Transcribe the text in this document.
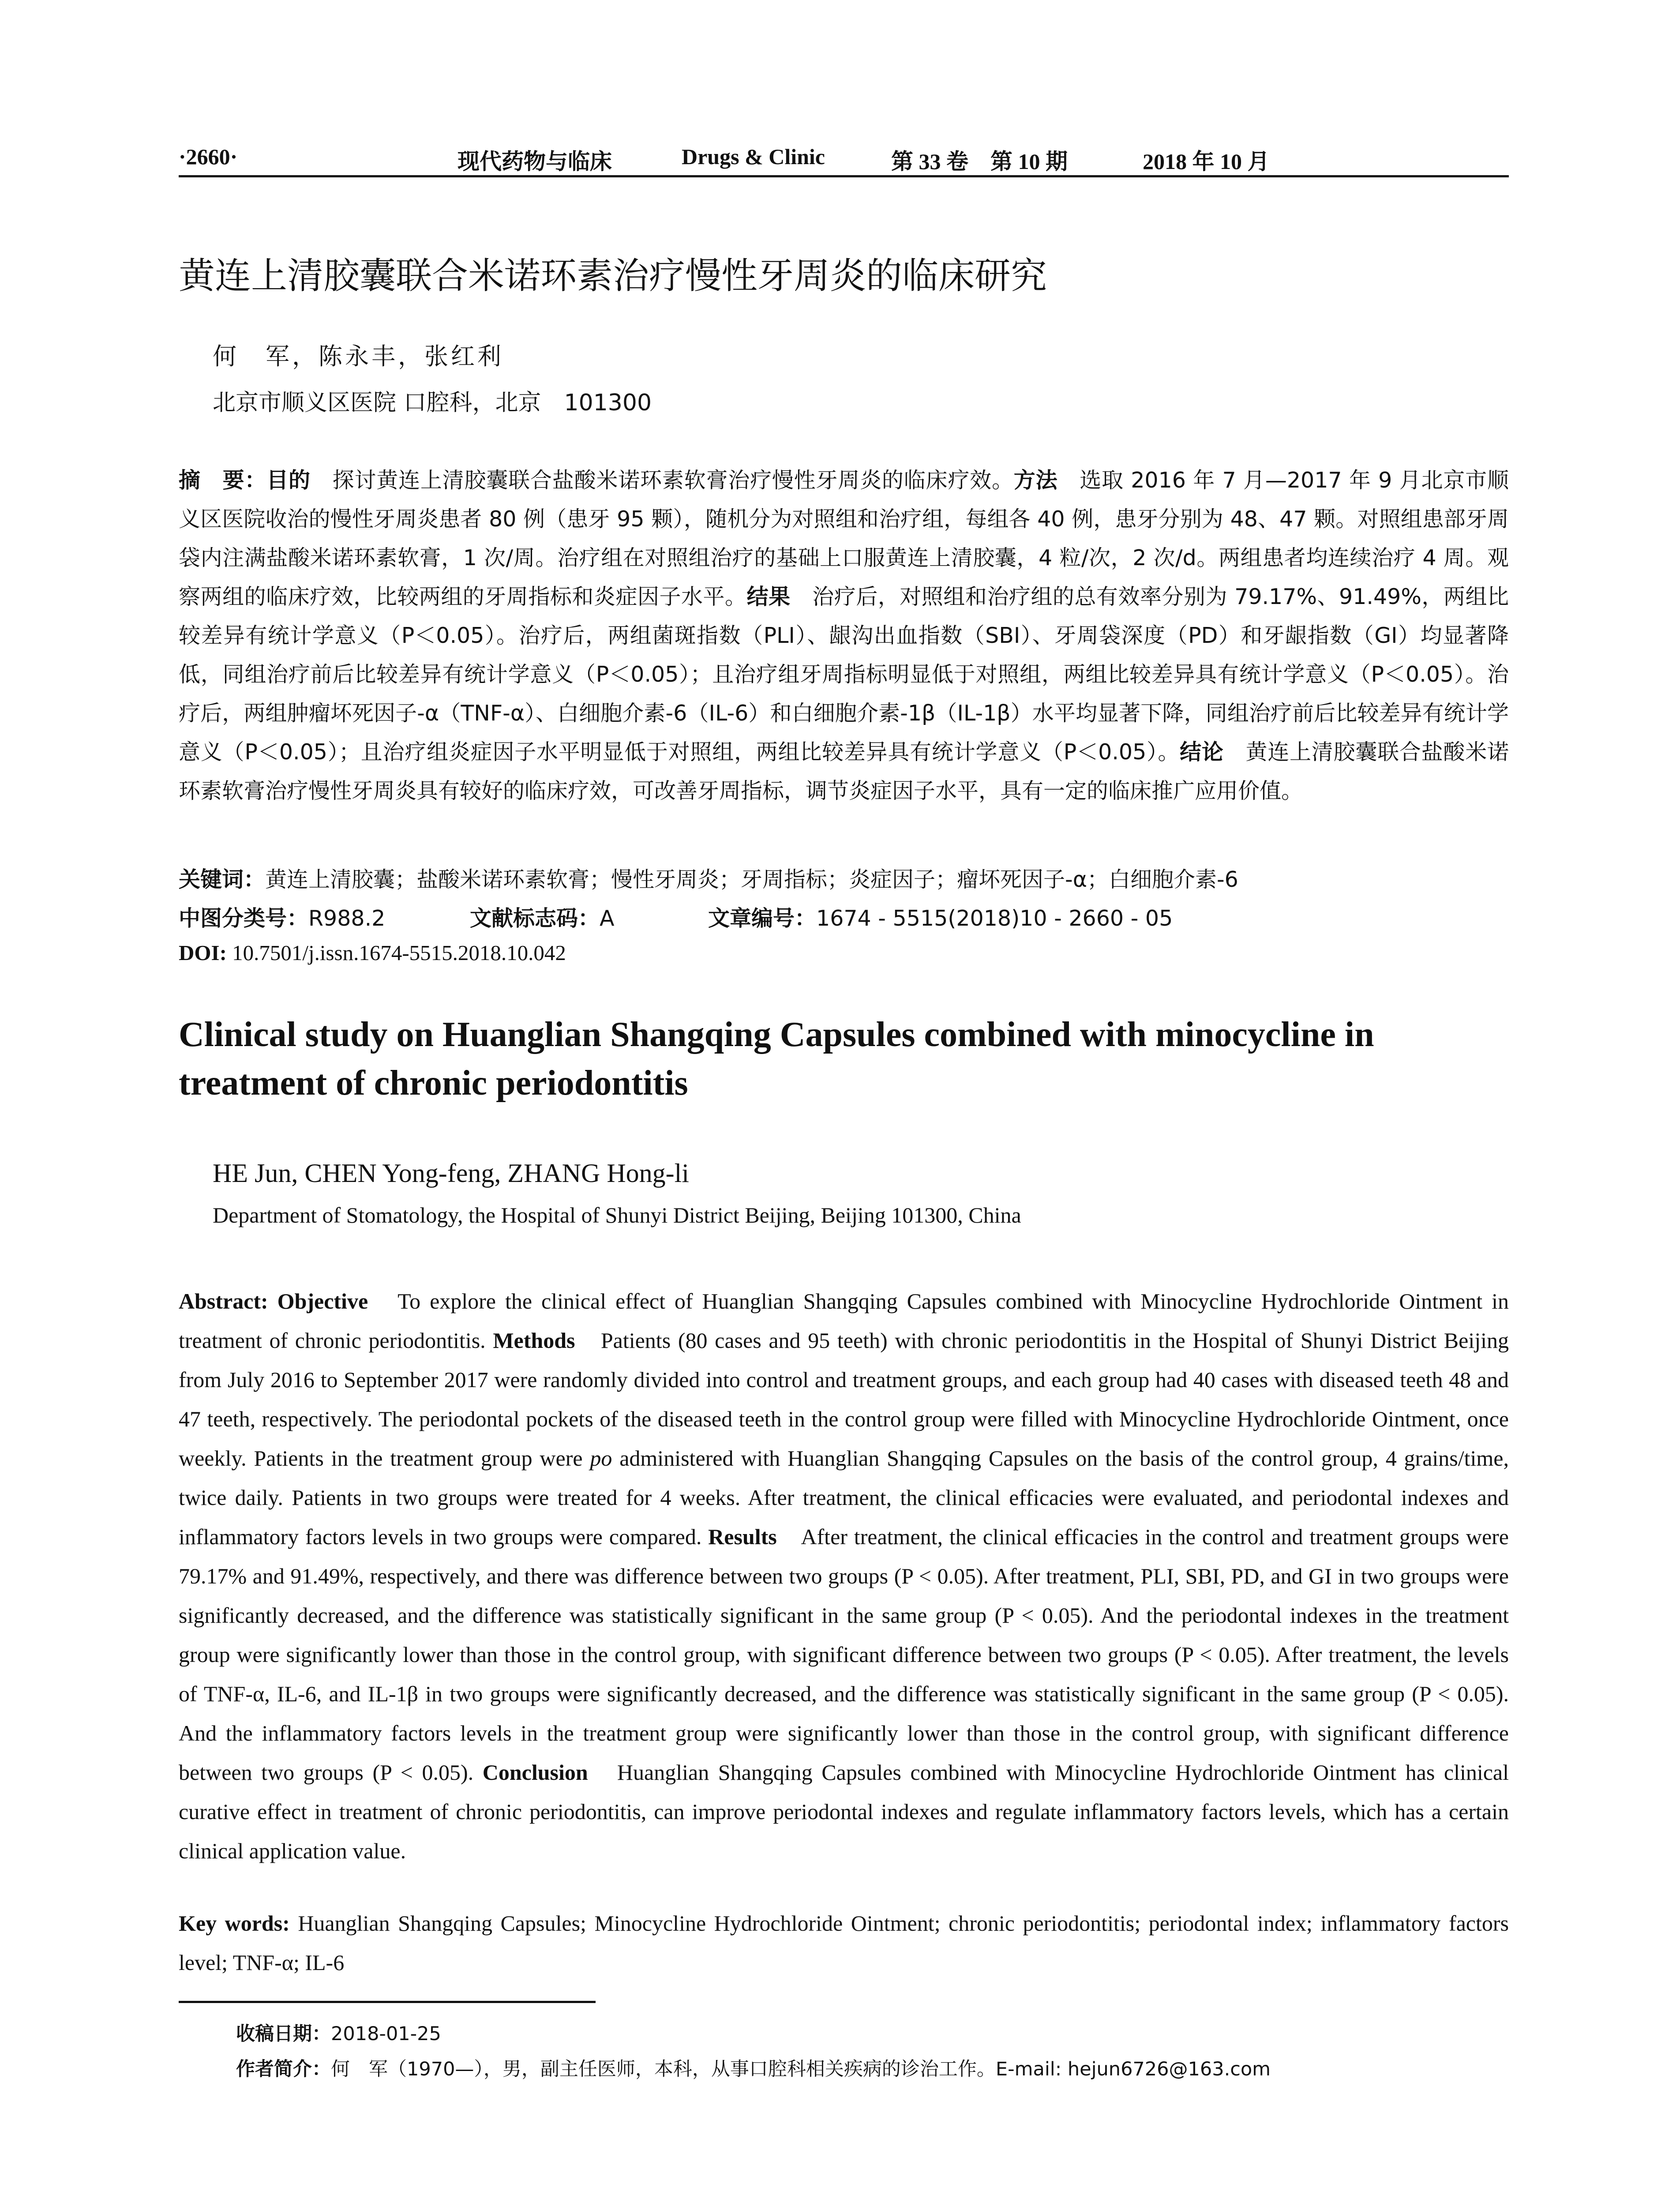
·2660·	现代药物与临床	Drugs & Clinic	第 33 卷　第 10 期	2018 年 10 月
黄连上清胶囊联合米诺环素治疗慢性牙周炎的临床研究
何　军，陈永丰，张红利
北京市顺义区医院 口腔科，北京　101300
摘　要：目的　探讨黄连上清胶囊联合盐酸米诺环素软膏治疗慢性牙周炎的临床疗效。方法　选取 2016 年 7 月—2017 年 9 月北京市顺义区医院收治的慢性牙周炎患者 80 例（患牙 95 颗），随机分为对照组和治疗组，每组各 40 例，患牙分别为 48、47 颗。对照组患部牙周袋内注满盐酸米诺环素软膏，1 次/周。治疗组在对照组治疗的基础上口服黄连上清胶囊，4 粒/次，2 次/d。两组患者均连续治疗 4 周。观察两组的临床疗效，比较两组的牙周指标和炎症因子水平。结果　治疗后，对照组和治疗组的总有效率分别为 79.17%、91.49%，两组比较差异有统计学意义（P＜0.05）。治疗后，两组菌斑指数（PLI）、龈沟出血指数（SBI）、牙周袋深度（PD）和牙龈指数（GI）均显著降低，同组治疗前后比较差异有统计学意义（P＜0.05）；且治疗组牙周指标明显低于对照组，两组比较差异具有统计学意义（P＜0.05）。治疗后，两组肿瘤坏死因子-α（TNF-α）、白细胞介素-6（IL-6）和白细胞介素-1β（IL-1β）水平均显著下降，同组治疗前后比较差异有统计学意义（P＜0.05）；且治疗组炎症因子水平明显低于对照组，两组比较差异具有统计学意义（P＜0.05）。结论　黄连上清胶囊联合盐酸米诺环素软膏治疗慢性牙周炎具有较好的临床疗效，可改善牙周指标，调节炎症因子水平，具有一定的临床推广应用价值。
关键词：黄连上清胶囊；盐酸米诺环素软膏；慢性牙周炎；牙周指标；炎症因子；瘤坏死因子-α；白细胞介素-6
中图分类号：R988.2	文献标志码：A	文章编号：1674 - 5515(2018)10 - 2660 - 05
DOI: 10.7501/j.issn.1674-5515.2018.10.042
Clinical study on Huanglian Shangqing Capsules combined with minocycline in treatment of chronic periodontitis
HE Jun, CHEN Yong-feng, ZHANG Hong-li
Department of Stomatology, the Hospital of Shunyi District Beijing, Beijing 101300, China
Abstract: Objective　To explore the clinical effect of Huanglian Shangqing Capsules combined with Minocycline Hydrochloride Ointment in treatment of chronic periodontitis. Methods　Patients (80 cases and 95 teeth) with chronic periodontitis in the Hospital of Shunyi District Beijing from July 2016 to September 2017 were randomly divided into control and treatment groups, and each group had 40 cases with diseased teeth 48 and 47 teeth, respectively. The periodontal pockets of the diseased teeth in the control group were filled with Minocycline Hydrochloride Ointment, once weekly. Patients in the treatment group were po administered with Huanglian Shangqing Capsules on the basis of the control group, 4 grains/time, twice daily. Patients in two groups were treated for 4 weeks. After treatment, the clinical efficacies were evaluated, and periodontal indexes and inflammatory factors levels in two groups were compared. Results　After treatment, the clinical efficacies in the control and treatment groups were 79.17% and 91.49%, respectively, and there was difference between two groups (P < 0.05). After treatment, PLI, SBI, PD, and GI in two groups were significantly decreased, and the difference was statistically significant in the same group (P < 0.05). And the periodontal indexes in the treatment group were significantly lower than those in the control group, with significant difference between two groups (P < 0.05). After treatment, the levels of TNF-α, IL-6, and IL-1β in two groups were significantly decreased, and the difference was statistically significant in the same group (P < 0.05). And the inflammatory factors levels in the treatment group were significantly lower than those in the control group, with significant difference between two groups (P < 0.05). Conclusion　Huanglian Shangqing Capsules combined with Minocycline Hydrochloride Ointment has clinical curative effect in treatment of chronic periodontitis, can improve periodontal indexes and regulate inflammatory factors levels, which has a certain clinical application value.
Key words: Huanglian Shangqing Capsules; Minocycline Hydrochloride Ointment; chronic periodontitis; periodontal index; inflammatory factors level; TNF-α; IL-6
收稿日期：2018-01-25
作者简介：何　军（1970—），男，副主任医师，本科，从事口腔科相关疾病的诊治工作。E-mail: hejun6726@163.com
